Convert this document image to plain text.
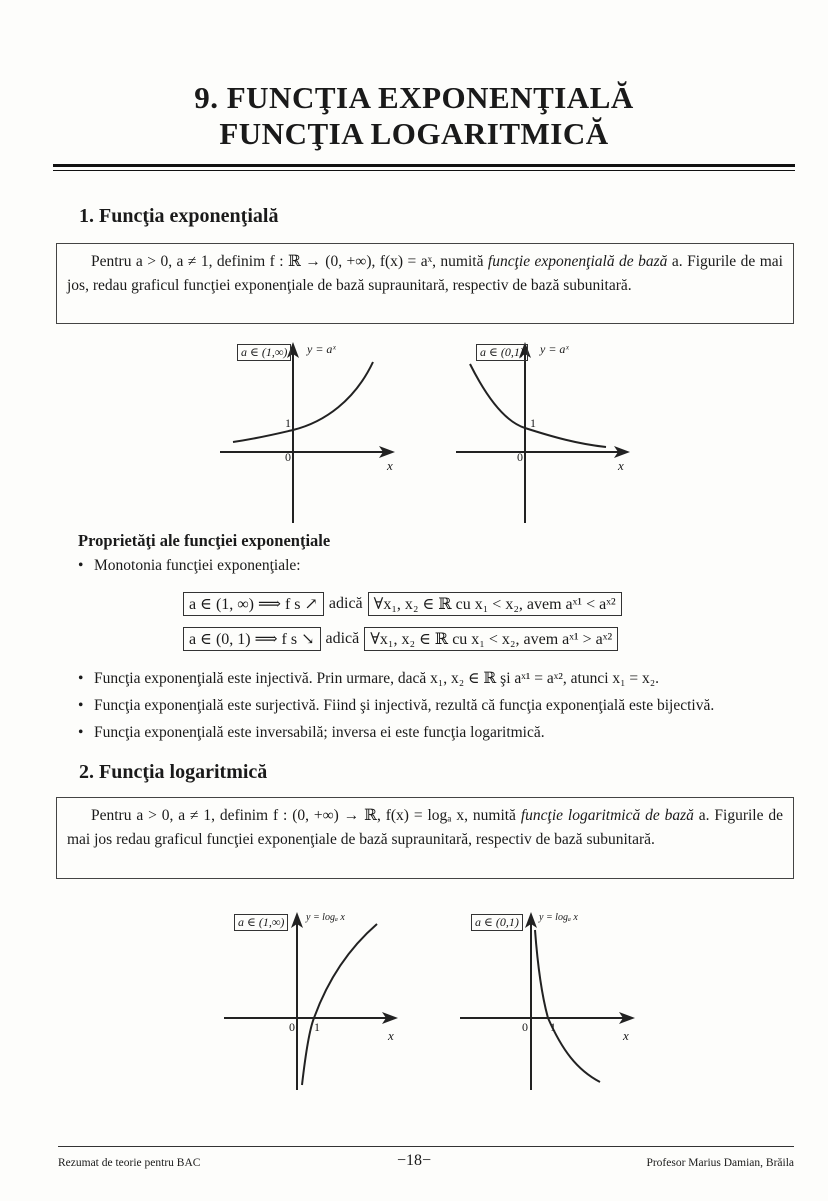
9. FUNCŢIA EXPONENŢIALĂ
FUNCŢIA LOGARITMICĂ
1. Funcţia exponenţială

Pentru a > 0, a ≠ 1, definim f : ℝ → (0, +∞), f(x) = aˣ, numită funcţie exponenţială de bază a. Figurile de mai jos, redau graficul funcţiei exponenţiale de bază supraunitară, respectiv de bază subunitară.

a ∈ (1,∞)	y = aˣ
1
0
x
a ∈ (0,1)	y = aˣ
1
0
x
Proprietăţi ale funcţiei exponenţiale
• Monotonia funcţiei exponenţiale:
a ∈ (1, ∞) ⟹ f s ↗ adică ∀x₁, x₂ ∈ ℝ cu x₁ < x₂, avem aˣ¹ < aˣ²
a ∈ (0, 1) ⟹ f s ↘ adică ∀x₁, x₂ ∈ ℝ cu x₁ < x₂, avem aˣ¹ > aˣ²
• Funcţia exponenţială este injectivă. Prin urmare, dacă x₁, x₂ ∈ ℝ şi aˣ¹ = aˣ², atunci x₁ = x₂.
• Funcţia exponenţială este surjectivă. Fiind şi injectivă, rezultă că funcţia exponenţială este bijectivă.
• Funcţia exponenţială este inversabilă; inversa ei este funcţia logaritmică.
2. Funcţia logaritmică

Pentru a > 0, a ≠ 1, definim f : (0, +∞) → ℝ, f(x) = logₐ x, numită funcţie logaritmică de bază a. Figurile de mai jos redau graficul funcţiei exponenţiale de bază supraunitară, respectiv de bază subunitară.

a ∈ (1,∞)	y = logₐ x
0 1
x
a ∈ (0,1)	y = logₐ x
0 1
x
Rezumat de teorie pentru BAC	−18−	Profesor Marius Damian, Brăila
